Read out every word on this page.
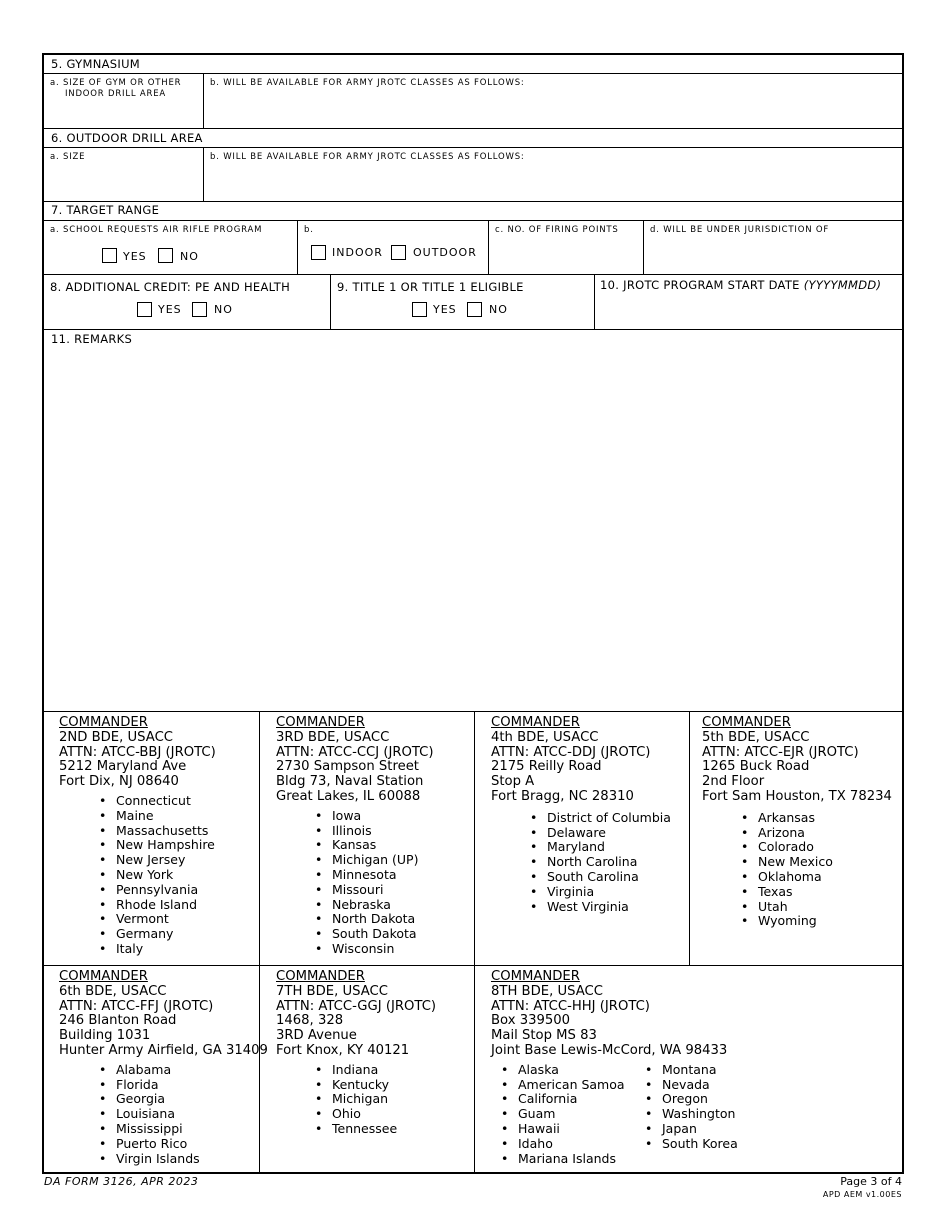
5. GYMNASIUM
a. SIZE OF GYM OR OTHER
INDOOR DRILL AREA
b. WILL BE AVAILABLE FOR ARMY JROTC CLASSES AS FOLLOWS:
6. OUTDOOR DRILL AREA
a. SIZE	b. WILL BE AVAILABLE FOR ARMY JROTC CLASSES AS FOLLOWS:
7. TARGET RANGE
a. SCHOOL REQUESTS AIR RIFLE PROGRAM
YES	NO
b.
INDOOR	OUTDOOR
c. NO. OF FIRING POINTS	d. WILL BE UNDER JURISDICTION OF
8. ADDITIONAL CREDIT: PE AND HEALTH
YES	NO
9. TITLE 1 OR TITLE 1 ELIGIBLE
YES	NO
10. JROTC PROGRAM START DATE (YYYYMMDD)
11. REMARKS
COMMANDER
2ND BDE, USACC
ATTN: ATCC-BBJ (JROTC)
5212 Maryland Ave
Fort Dix, NJ 08640
• Connecticut
• Maine
• Massachusetts
• New Hampshire
• New Jersey
• New York
• Pennsylvania
• Rhode Island
• Vermont
• Germany
• Italy
COMMANDER
3RD BDE, USACC
ATTN: ATCC-CCJ (JROTC)
2730 Sampson Street
Bldg 73, Naval Station
Great Lakes, IL 60088
• Iowa
• Illinois
• Kansas
• Michigan (UP)
• Minnesota
• Missouri
• Nebraska
• North Dakota
• South Dakota
• Wisconsin
COMMANDER
4th BDE, USACC
ATTN: ATCC-DDJ (JROTC)
2175 Reilly Road
Stop A
Fort Bragg, NC 28310
• District of Columbia
• Delaware
• Maryland
• North Carolina
• South Carolina
• Virginia
• West Virginia
COMMANDER
5th BDE, USACC
ATTN: ATCC-EJR (JROTC)
1265 Buck Road
2nd Floor
Fort Sam Houston, TX 78234
• Arkansas
• Arizona
• Colorado
• New Mexico
• Oklahoma
• Texas
• Utah
• Wyoming
COMMANDER
6th BDE, USACC
ATTN: ATCC-FFJ (JROTC)
246 Blanton Road
Building 1031
Hunter Army Airfield, GA 31409
• Alabama
• Florida
• Georgia
• Louisiana
• Mississippi
• Puerto Rico
• Virgin Islands
COMMANDER
7TH BDE, USACC
ATTN: ATCC-GGJ (JROTC)
1468, 328
3RD Avenue
Fort Knox, KY 40121
• Indiana
• Kentucky
• Michigan
• Ohio
• Tennessee
COMMANDER
8TH BDE, USACC
ATTN: ATCC-HHJ (JROTC)
Box 339500
Mail Stop MS 83
Joint Base Lewis-McCord, WA 98433
• Alaska
• American Samoa
• California
• Guam
• Hawaii
• Idaho
• Mariana Islands
• Montana
• Nevada
• Oregon
• Washington
• Japan
• South Korea
DA FORM 3126, APR 2023	Page 3 of 4
APD AEM v1.00ES
